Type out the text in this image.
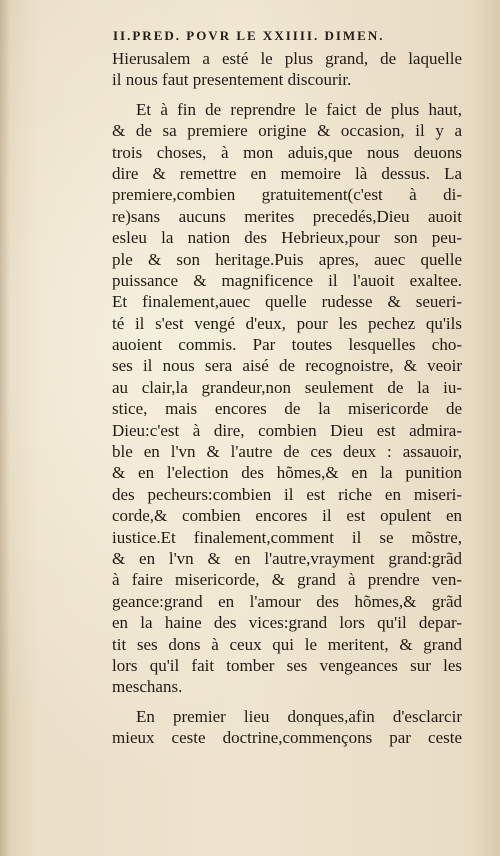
II.PRED. POVR LE XXIIII. DIMEN.
Hierusalem a esté le plus grand, de laquelle
il nous faut presentement discourir.
Et à fin de reprendre le faict de plus haut,
& de sa premiere origine & occasion, il y a
trois choses, à mon aduis,que nous deuons
dire & remettre en memoire là dessus. La
premiere,combien gratuitement(c'est à di-
re)sans aucuns merites precedés,Dieu auoit
esleu la nation des Hebrieux,pour son peu-
ple & son heritage.Puis apres, auec quelle
puissance & magnificence il l'auoit exaltee.
Et finalement,auec quelle rudesse & seueri-
té il s'est vengé d'eux, pour les pechez qu'ils
auoient commis. Par toutes lesquelles cho-
ses il nous sera aisé de recognoistre, & veoir
au clair,la grandeur,non seulement de la iu-
stice, mais encores de la misericorde de
Dieu:c'est à dire, combien Dieu est admira-
ble en l'vn & l'autre de ces deux : assauoir,
& en l'election des hõmes,& en la punition
des pecheurs:combien il est riche en miseri-
corde,& combien encores il est opulent en
iustice.Et finalement,comment il se mõstre,
& en l'vn & en l'autre,vrayment grand:grãd
à faire misericorde, & grand à prendre ven-
geance:grand en l'amour des hõmes,& grãd
en la haine des vices:grand lors qu'il depar-
tit ses dons à ceux qui le meritent, & grand
lors qu'il fait tomber ses vengeances sur les
meschans.
En premier lieu donques,afin d'esclarcir
mieux ceste doctrine,commençons par ceste
